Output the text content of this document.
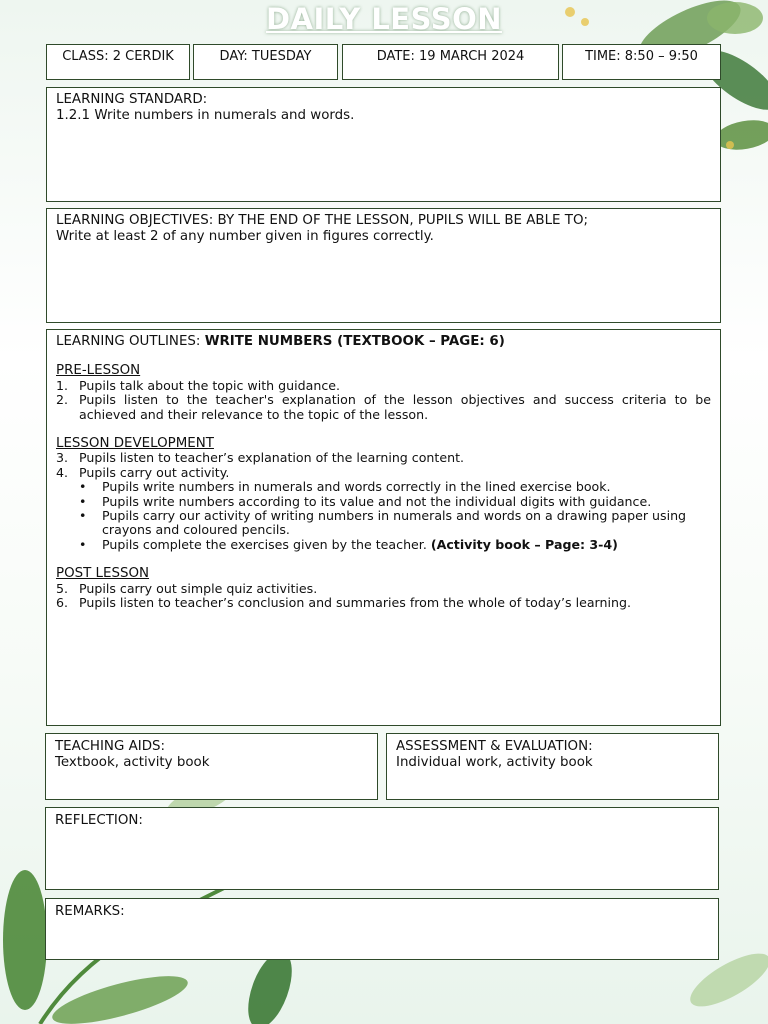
DAILY LESSON
CLASS: 2 CERDIK	DAY: TUESDAY	DATE: 19 MARCH 2024	TIME: 8:50 – 9:50
LEARNING STANDARD:
1.2.1 Write numbers in numerals and words.
LEARNING OBJECTIVES: BY THE END OF THE LESSON, PUPILS WILL BE ABLE TO;
Write at least 2 of any number given in figures correctly.
LEARNING OUTLINES: WRITE NUMBERS (TEXTBOOK – PAGE: 6)
PRE-LESSON
1. Pupils talk about the topic with guidance.
2. Pupils listen to the teacher's explanation of the lesson objectives and success criteria to be achieved and their relevance to the topic of the lesson.
LESSON DEVELOPMENT
3. Pupils listen to teacher’s explanation of the learning content.
4. Pupils carry out activity.
•	Pupils write numbers in numerals and words correctly in the lined exercise book.
•	Pupils write numbers according to its value and not the individual digits with guidance.
•	Pupils carry our activity of writing numbers in numerals and words on a drawing paper using crayons and coloured pencils.
•	Pupils complete the exercises given by the teacher. (Activity book – Page: 3-4)
POST LESSON
5. Pupils carry out simple quiz activities.
6. Pupils listen to teacher’s conclusion and summaries from the whole of today’s learning.
TEACHING AIDS:
Textbook, activity book
ASSESSMENT & EVALUATION:
Individual work, activity book
REFLECTION:
REMARKS:
